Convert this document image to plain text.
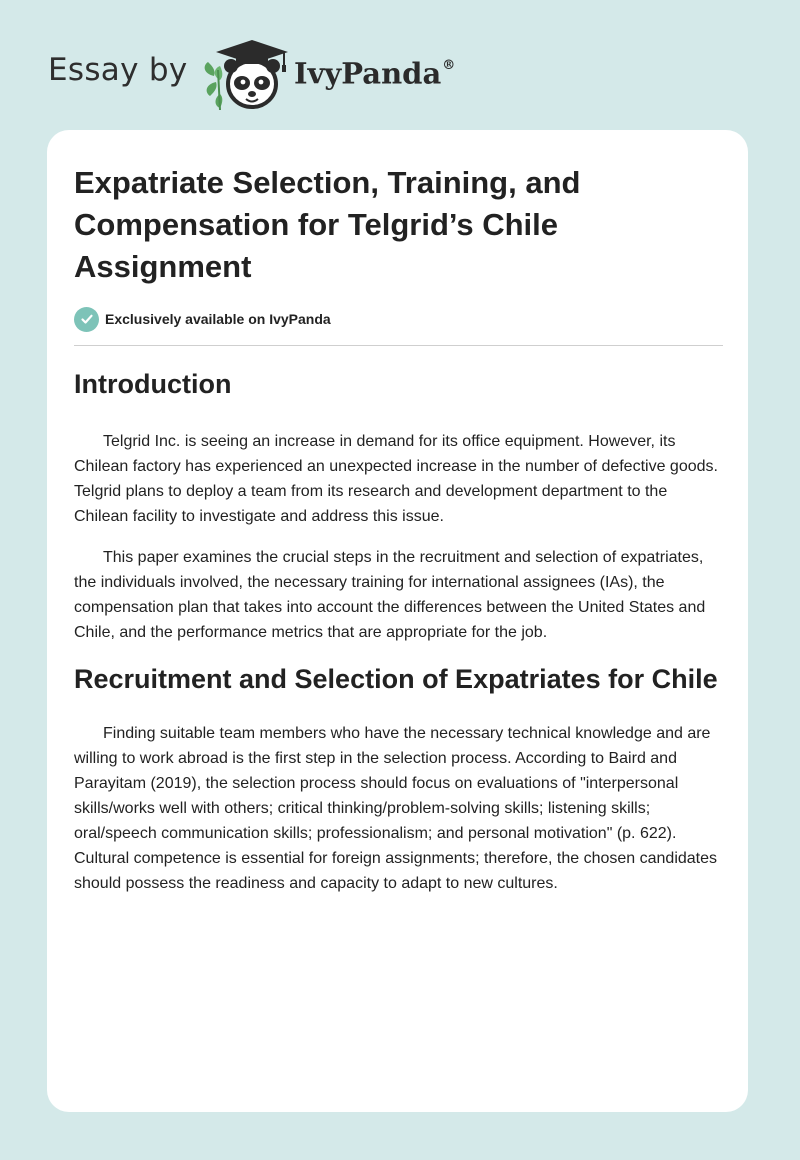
Essay by	IvyPanda®
Expatriate Selection, Training, and Compensation for Telgrid’s Chile Assignment
Exclusively available on IvyPanda
Introduction

Telgrid Inc. is seeing an increase in demand for its office equipment. However, its Chilean factory has experienced an unexpected increase in the number of defective goods. Telgrid plans to deploy a team from its research and development department to the Chilean facility to investigate and address this issue.

This paper examines the crucial steps in the recruitment and selection of expatriates, the individuals involved, the necessary training for international assignees (IAs), the compensation plan that takes into account the differences between the United States and Chile, and the performance metrics that are appropriate for the job.

Recruitment and Selection of Expatriates for Chile

Finding suitable team members who have the necessary technical knowledge and are willing to work abroad is the first step in the selection process. According to Baird and Parayitam (2019), the selection process should focus on evaluations of "interpersonal skills/works well with others; critical thinking/problem-solving skills; listening skills; oral/speech communication skills; professionalism; and personal motivation" (p. 622). Cultural competence is essential for foreign assignments; therefore, the chosen candidates should possess the readiness and capacity to adapt to new cultures.
